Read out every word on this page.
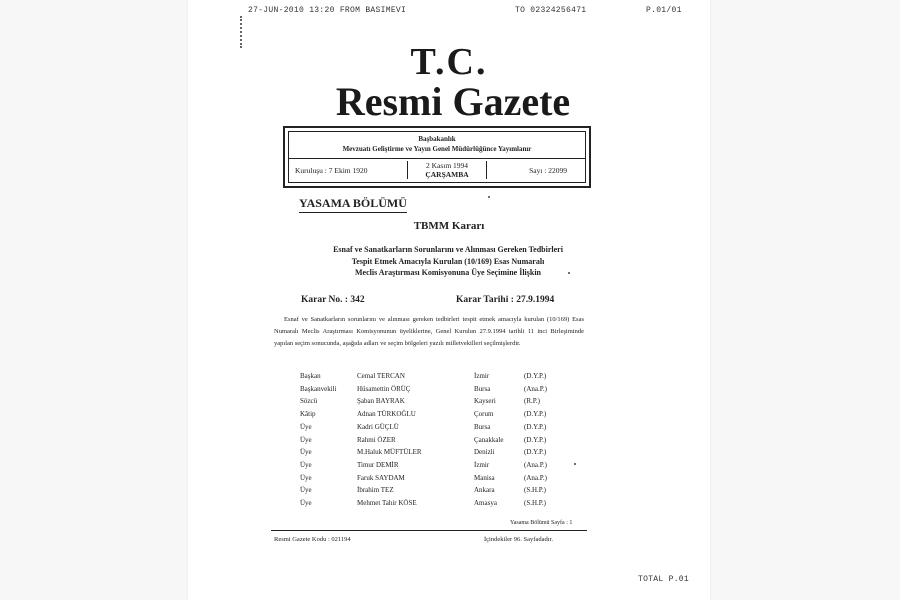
27-JUN-2010 13:20 FROM BASIMEVI	TO 02324256471	P.01/01
T.C.
Resmi Gazete
Başbakanlık
Mevzuatı Geliştirme ve Yayın Genel Müdürlüğünce Yayımlanır
Kuruluşu : 7 Ekim 1920
2 Kasım 1994
ÇARŞAMBA	Sayı : 22099
YASAMA BÖLÜMÜ
TBMM Kararı
Esnaf ve Sanatkarların Sorunlarını ve Alınması Gereken Tedbirleri
Tespit Etmek Amacıyla Kurulan (10/169) Esas Numaralı
Meclis Araştırması Komisyonuna Üye Seçimine İlişkin
Karar No. : 342	Karar Tarihi : 27.9.1994
Esnaf ve Sanatkarların sorunlarını ve alınması gereken tedbirleri tespit etmek amacıyla kurulan (10/169) Esas Numaralı Meclis Araştırması Komisyonunun üyeliklerine, Genel Kurulun 27.9.1994 tarihli 11 inci Birleşiminde yapılan seçim sonucunda, aşağıda adları ve seçim bölgeleri yazılı milletvekilleri seçilmişlerdir.
Başkan	Cemal TERCAN	İzmir	(D.Y.P.)
Başkanvekili	Hüsamettin ÖRÜÇ	Bursa	(Ana.P.)
Sözcü	Şaban BAYRAK	Kayseri	(R.P.)
Kâtip	Adnan TÜRKOĞLU	Çorum	(D.Y.P.)
Üye	Kadri GÜÇLÜ	Bursa	(D.Y.P.)
Üye	Rahmi ÖZER	Çanakkale	(D.Y.P.)
Üye	M.Haluk MÜFTÜLER	Denizli	(D.Y.P.)
Üye	Timur DEMİR	İzmir	(Ana.P.)
Üye	Faruk SAYDAM	Manisa	(Ana.P.)
Üye	İbrahim TEZ	Ankara	(S.H.P.)
Üye	Mehmet Tahir KÖSE	Amasya	(S.H.P.)
Yasama Bölümü Sayfa : 1
Resmi Gazete Kodu : 021194	İçindekiler 96. Sayfadadır.
TOTAL P.01
